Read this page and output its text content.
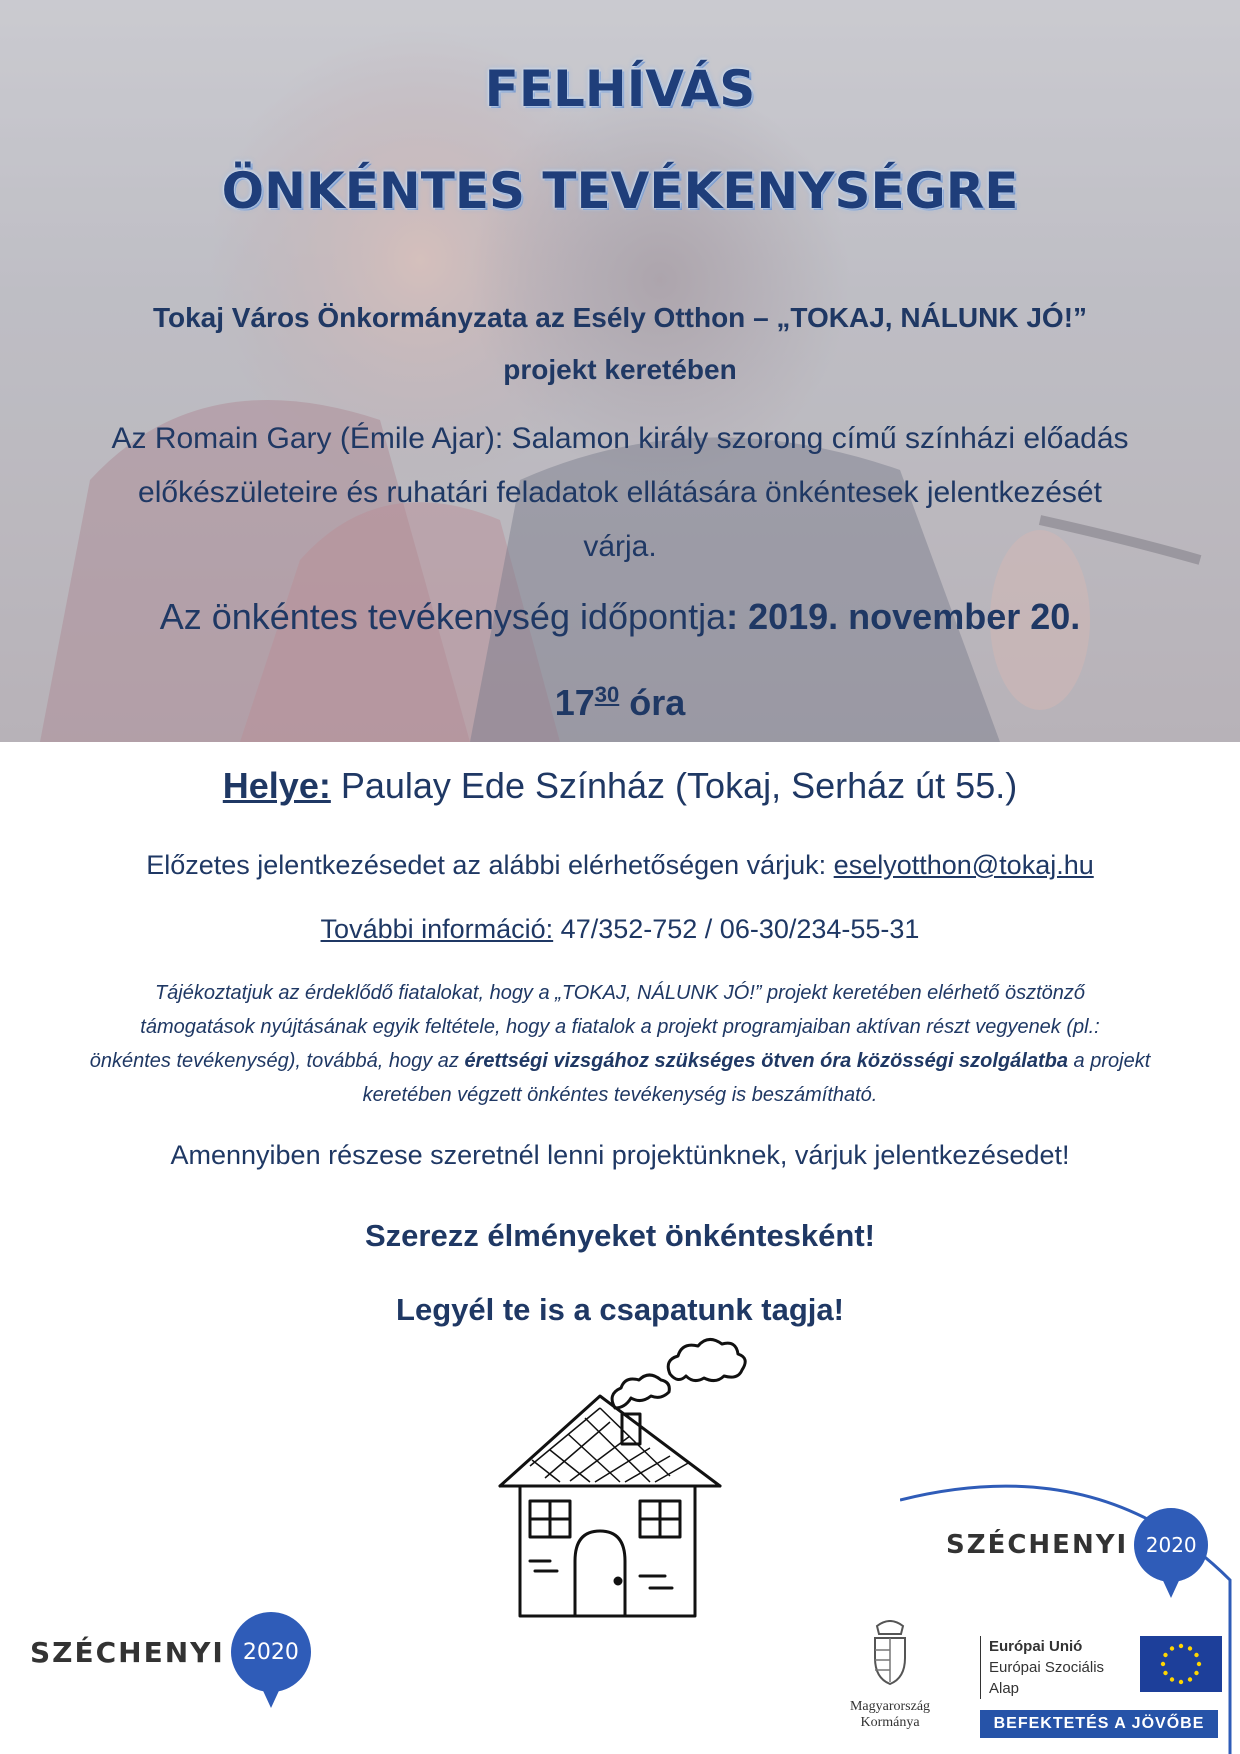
FELHÍVÁS
ÖNKÉNTES TEVÉKENYSÉGRE
Tokaj Város Önkormányzata az Esély Otthon – „TOKAJ, NÁLUNK JÓ!”
projekt keretében
Az Romain Gary (Émile Ajar): Salamon király szorong című színházi előadás
előkészületeire és ruhatári feladatok ellátására önkéntesek jelentkezését
várja.
Az önkéntes tevékenység időpontja: 2019. november 20.
$17^{30}$ óra
Helye: Paulay Ede Színház (Tokaj, Serház út 55.)
Előzetes jelentkezésedet az alábbi elérhetőségen várjuk: eselyotthon@tokaj.hu
További információ: 47/352-752 / 06-30/234-55-31
Tájékoztatjuk az érdeklődő fiatalokat, hogy a „TOKAJ, NÁLUNK JÓ!” projekt keretében elérhető ösztönző
támogatások nyújtásának egyik feltétele, hogy a fiatalok a projekt programjaiban aktívan részt vegyenek (pl.:
önkéntes tevékenység), továbbá, hogy az érettségi vizsgához szükséges ötven óra közösségi szolgálatba a projekt
keretében végzett önkéntes tevékenység is beszámítható.
Amennyiben részese szeretnél lenni projektünknek, várjuk jelentkezésedet!
Szerezz élményeket önkéntesként!
Legyél te is a csapatunk tagja!
SZÉCHENYI 2020
SZÉCHENYI 2020
Magyarország
Kormánya
Európai Unió
Európai Szociális
Alap
BEFEKTETÉS A JÖVŐBE
